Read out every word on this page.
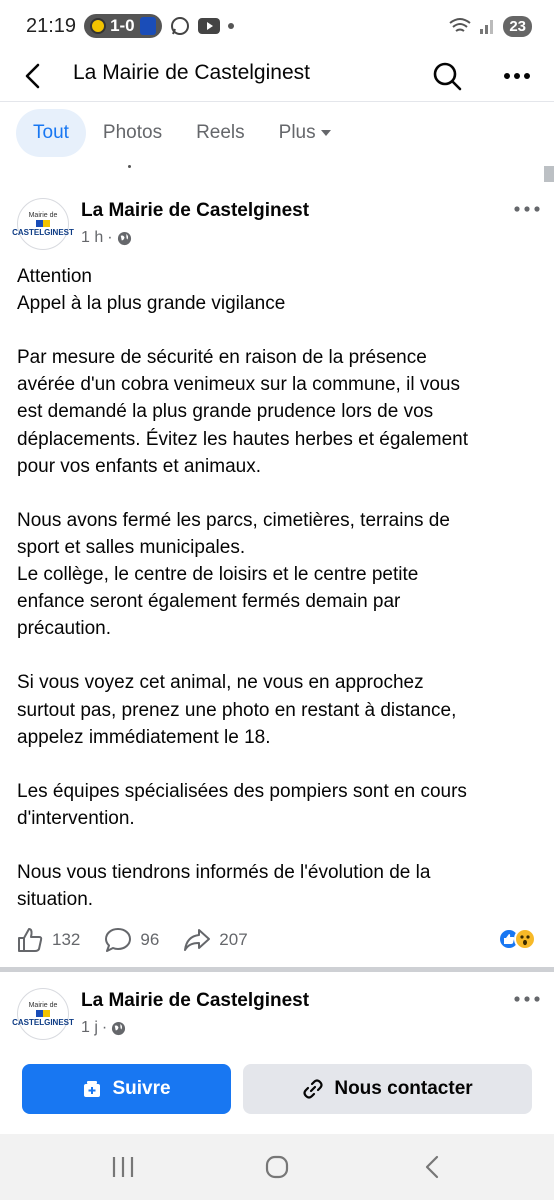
21:19 1-0	23
La Mairie de Castelginest
Tout	Photos	Reels	Plus
Mairie de
CASTELGINEST
La Mairie de Castelginest
1 h ·

Attention

Appel à la plus grande vigilance

Par mesure de sécurité en raison de la présence

avérée d'un cobra venimeux sur la commune, il vous

est demandé la plus grande prudence lors de vos

déplacements. Évitez les hautes herbes et également

pour vos enfants et animaux.

Nous avons fermé les parcs, cimetières, terrains de

sport et salles municipales.

Le collège, le centre de loisirs et le centre petite

enfance seront également fermés demain par

précaution.

Si vous voyez cet animal, ne vous en approchez

surtout pas, prenez une photo en restant à distance,

appelez immédiatement le 18.

Les équipes spécialisées des pompiers sont en cours

d'intervention.

Nous vous tiendrons informés de l'évolution de la

situation.

132	96	207
Mairie de
CASTELGINEST
La Mairie de Castelginest
1 j ·
Suivre	Nous contacter
